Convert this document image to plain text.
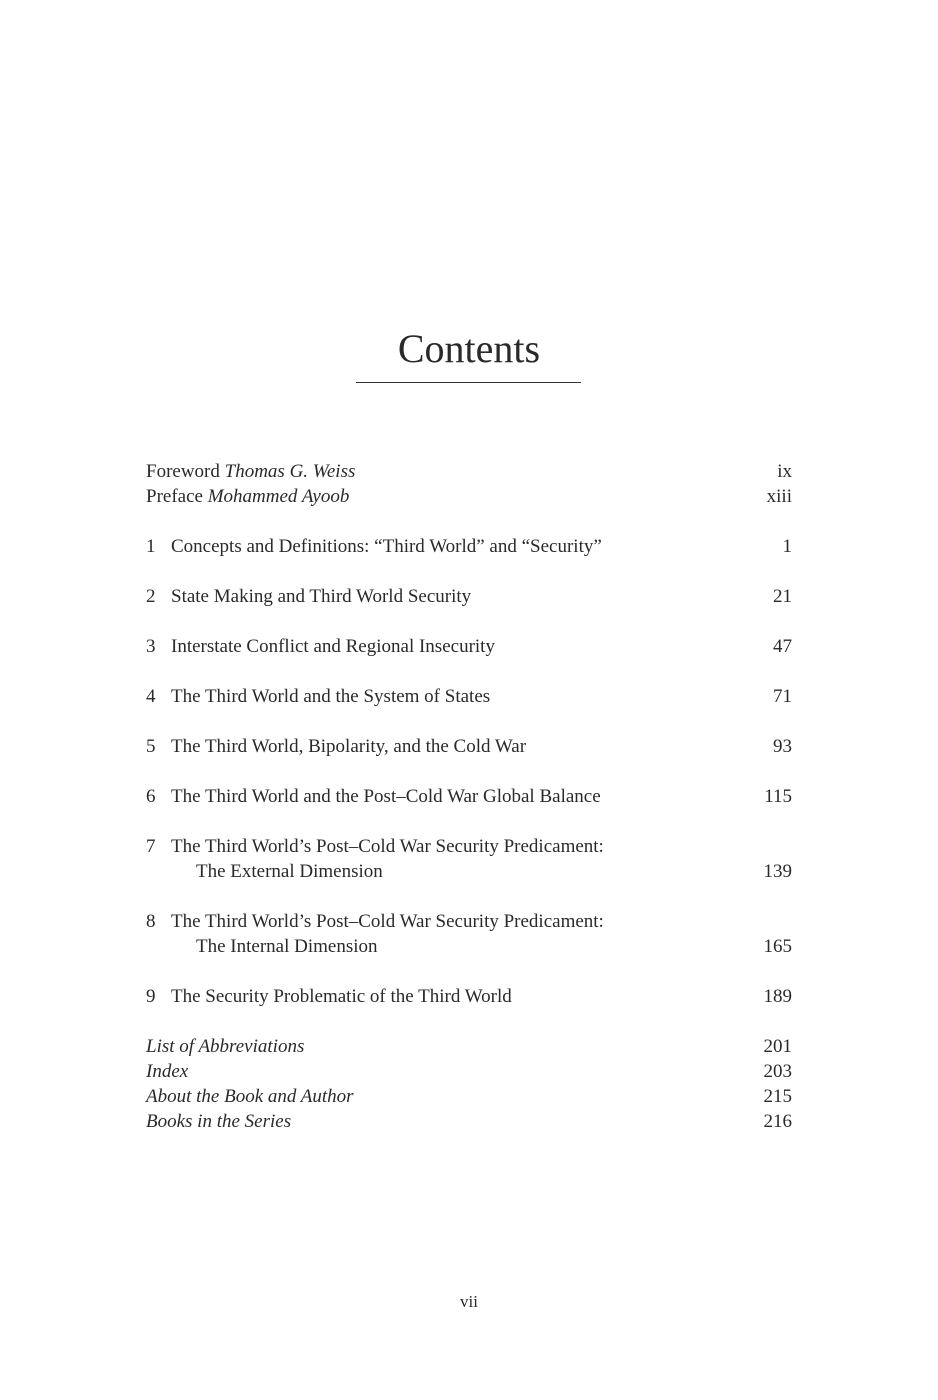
Contents
Foreword Thomas G. Weiss	ix
Preface Mohammed Ayoob	xiii
1 Concepts and Definitions: “Third World” and “Security”	1
2 State Making and Third World Security	21
3 Interstate Conflict and Regional Insecurity	47
4 The Third World and the System of States	71
5 The Third World, Bipolarity, and the Cold War	93
6 The Third World and the Post–Cold War Global Balance	115
7 The Third World’s Post–Cold War Security Predicament:
The External Dimension	139
8 The Third World’s Post–Cold War Security Predicament:
The Internal Dimension	165
9 The Security Problematic of the Third World	189
List of Abbreviations	201
Index	203
About the Book and Author	215
Books in the Series	216
vii
